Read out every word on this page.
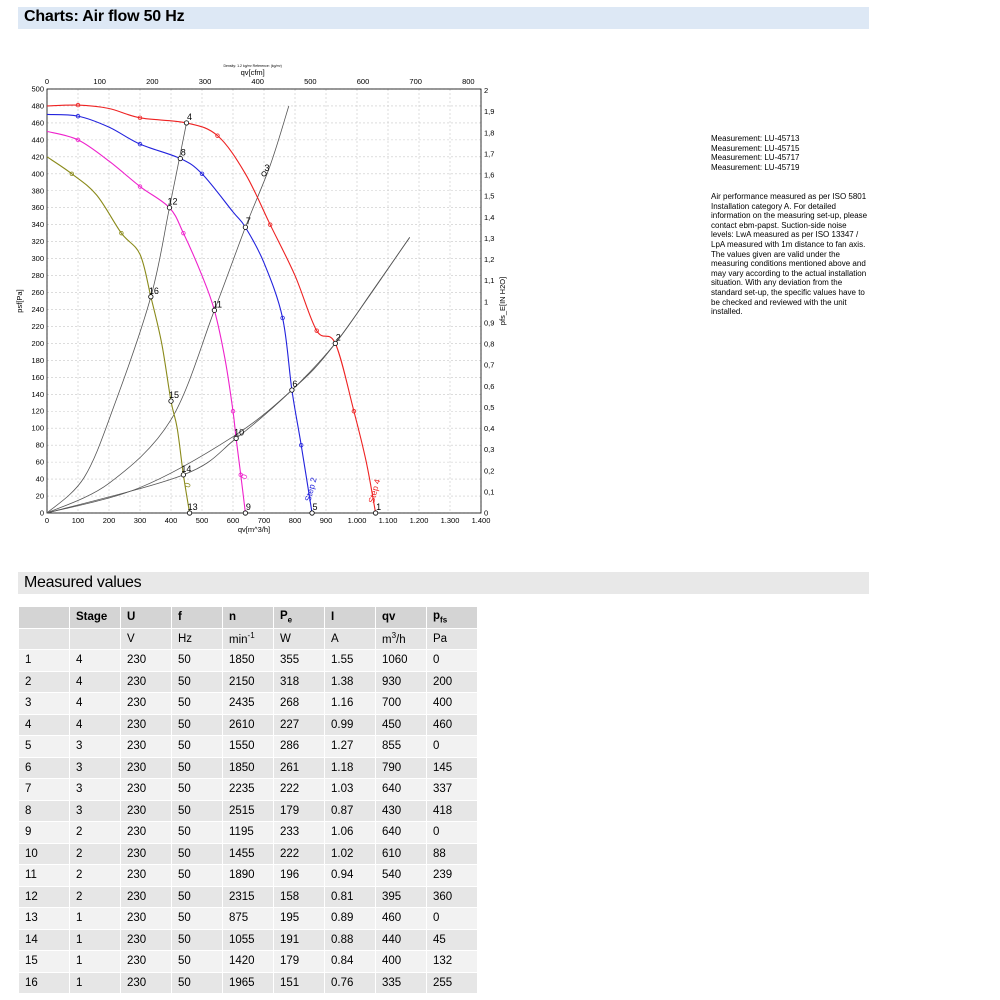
Charts: Air flow 50 Hz
0	100 200 300 400 500 600 700 800 900 1.000 1.100 1.200 1.300 1.400
qv[m^3/h]
0	100	200	300	400	500	600	700	800
qv[cfm]
Density: 1.2 kg/m³ Reference: (kg/m³)
0
20
40
60
80
100
120
140
160
180
200
220
240
260
280
300
320
340
360
380
400
420
440
460
480
500
psf[Pa]
0
0,1
0,2
0,3
0,4
0,5
0,6
0,7
0,8
0,9
1
1,1
1,2
1,3
1,4
1,5
1,6
1,7
1,8
1,9
2
pfs_E[IN H2O]
1
2
3
4
5
6
7
8
9
10
11
12
13
14
15
16
Step 4
Step 2
0
0
Measurement: LU-45713
Measurement: LU-45715
Measurement: LU-45717
Measurement: LU-45719
Air performance measured as per ISO 5801 Installation category A. For detailed information on the measuring set-up, please contact ebm-papst. Suction-side noise levels: LwA measured as per ISO 13347 / LpA measured with 1m distance to fan axis. The values given are valid under the measuring conditions mentioned above and may vary according to the actual installation situation. With any deviation from the standard set-up, the specific values have to be checked and reviewed with the unit installed.
Measured values
	Stage	U	f	n	$P_e$	I	qv	$p_{fs}$
		V	Hz	$\min^{-1}$	W	A	$m^3/h$	Pa
1	4	230	50	1850	355	1.55	1060	0
2	4	230	50	2150	318	1.38	930	200
3	4	230	50	2435	268	1.16	700	400
4	4	230	50	2610	227	0.99	450	460
5	3	230	50	1550	286	1.27	855	0
6	3	230	50	1850	261	1.18	790	145
7	3	230	50	2235	222	1.03	640	337
8	3	230	50	2515	179	0.87	430	418
9	2	230	50	1195	233	1.06	640	0
10	2	230	50	1455	222	1.02	610	88
11	2	230	50	1890	196	0.94	540	239
12	2	230	50	2315	158	0.81	395	360
13	1	230	50	875	195	0.89	460	0
14	1	230	50	1055	191	0.88	440	45
15	1	230	50	1420	179	0.84	400	132
16	1	230	50	1965	151	0.76	335	255
